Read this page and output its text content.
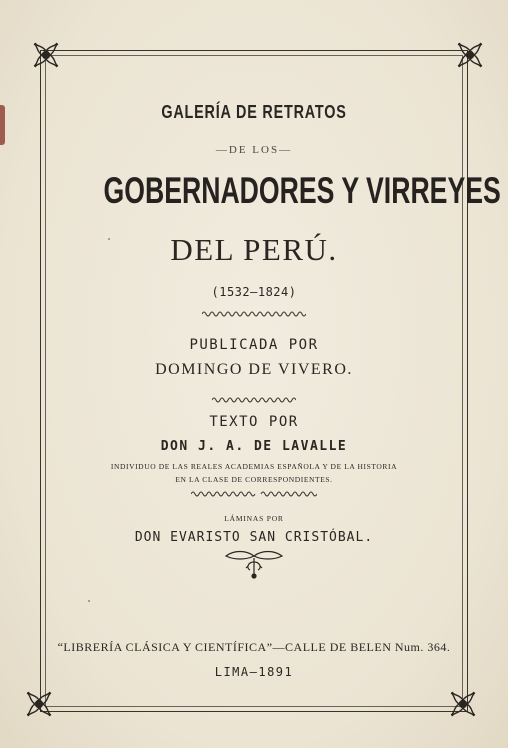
GALERÍA DE RETRATOS
—DE LOS—
GOBERNADORES Y VIRREYES
DEL PERÚ.
(1532–1824)
PUBLICADA POR
DOMINGO DE VIVERO.
TEXTO POR
DON J. A. DE LAVALLE
INDIVIDUO DE LAS REALES ACADEMIAS ESPAÑOLA Y DE LA HISTORIA
EN LA CLASE DE CORRESPONDIENTES.
LÁMINAS POR
DON EVARISTO SAN CRISTÓBAL.
“LIBRERÍA CLÁSICA Y CIENTÍFICA”—CALLE DE BELEN Num. 364.
LIMA—1891
